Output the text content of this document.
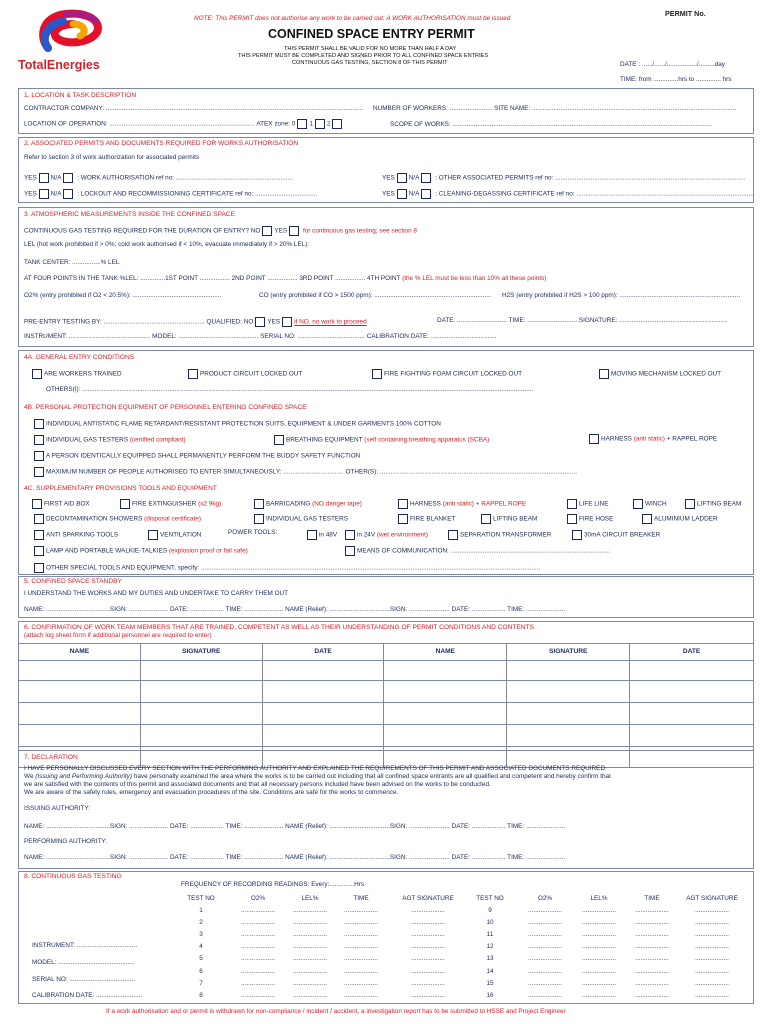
TotalEnergies
NOTE: This PERMIT does not authorise any work to be carried out. A WORK AUTHORISATION must be issued
PERMIT No.
CONFINED SPACE ENTRY PERMIT
THIS PERMIT SHALL BE VALID FOR NO MORE THAN HALF A DAY
THIS PERMIT MUST BE COMPLETED AND SIGNED PRIOR TO ALL CONFINED SPACE ENTRIES
CONTINUOUS GAS TESTING, SECTION 8 OF THIS PERMIT	DATE : ....../....../................./.........day
TIME: from ..............hrs to .............. hrs
1. LOCATION & TASK DESCRIPTION
CONTRACTOR COMPANY: ................................................................................................................................................. NUMBER OF WORKERS: ........................ SITE NAME: ...................................................................................................................
LOCATION OF OPERATION: .................................................................................. ATEX zone: 0 1 2	SCOPE OF WORKS: ..................................................................................................................................................
2. ASSOCIATED PERMITS AND DOCUMENTS REQUIRED FOR WORKS AUTHORISATION
Refer to section 3 of work authorization for associated permits
YES N/A : WORK AUTHORISATION ref no: ..................................................................	YES N/A : OTHER ASSOCIATED PERMITS ref no: ...........................................................................................................
YES N/A : LOCKOUT AND RECOMMISSIONING CERTIFICATE ref no: ...................................	YES N/A : CLEANING-DEGASSING CERTIFICATE ref no: ....................................................................................................
3. ATMOSPHERIC MEASUREMENTS INSIDE THE CONFINED SPACE
CONTINUOUS GAS TESTING REQUIRED FOR THE DURATION OF ENTRY? NO YES for continuous gas testing; see section 8
LEL (hot work prohibited if > 0%; cold work authorised if < 10%, evacuate immediately if > 20% LEL):
TANK CENTER: ................% LEL
AT FOUR POINTS IN THE TANK %LEL: ..............1ST POINT ................. 2ND POINT ................. 3RD POINT ................. 4TH POINT (the % LEL must be less than 10% all these points)
O2% (entry prohibited if O2 < 20.5%): ..................................................	CO (entry prohibited if CO > 1500 ppm): .................................................................. H2S (entry prohibited if H2S > 100 ppm): ....................................................................
PRE-ENTRY TESTING BY: ......................................................... QUALIFIED: NO YES if NO, no work to proceed	DATE: ............................ TIME: ............................ SIGNATURE: .............................................................
INSTRUMENT: .............................................. MODEL: ............................................. SERIAL NO: ...................................... CALIBRATION DATE: .....................................
4A. GENERAL ENTRY CONDITIONS
ARE WORKERS TRAINED	PRODUCT CIRCUIT LOCKED OUT	FIRE FIGHTING FOAM CIRCUIT LOCKED OUT	MOVING MECHANISM LOCKED OUT
OTHERS(I): ..............................................................................................................................................................................................................................................................
4B. PERSONAL PROTECTION EQUIPMENT OF PERSONNEL ENTERING CONFINED SPACE
INDIVIDUAL ANTISTATIC FLAME RETARDANT/RESISTANT PROTECTION SUITS, EQUIPMENT & UNDER GARMENTS 100% COTTON
INDIVIDUAL GAS TESTERS (certified compliant)	BREATHING EQUIPMENT (self containing breathing apparatus (SCBA)	HARNESS (anti static) + RAPPEL ROPE
A PERSON IDENTICALLY EQUIPPED SHALL PERMANENTLY PERFORM THE BUDDY SAFETY FUNCTION
MAXIMUM NUMBER OF PEOPLE AUTHORISED TO ENTER SIMULTANEOUSLY: .................................. OTHER(S): ...............................................................................................................
4C. SUPPLEMENTARY PROVISIONS TOOLS AND EQUIPMENT
FIRST AID BOX	FIRE EXTINGUISHER (x2 9kg)	BARRICADING (NO danger tape)	HARNESS (anti static) + RAPPEL ROPE	LIFE LINE	WINCH	LIFTING BEAM
DECONTAMINATION SHOWERS (disposal certificate)	INDIVIDUAL GAS TESTERS	FIRE BLANKET	LIFTING BEAM	FIRE HOSE	ALUMINIUM LADDER
ANTI SPARKING TOOLS	VENTILATION	POWER TOOLS:	in 48V	in 24V (wet environment)	SEPARATION TRANSFORMER	30mA CIRCUIT BREAKER
LAMP AND PORTABLE WALKIE-TALKIES (explosion proof or fail safe)	MEANS OF COMMUNICATION: ..........................................................................................
OTHER SPECIAL TOOLS AND EQUIPMENT, specify: ...............................................................................................................................................................................................
5. CONFINED SPACE STANDBY
I UNDERSTAND THE WORKS AND MY DUTIES AND UNDERTAKE TO CARRY THEM OUT
NAME: ....................................SIGN: ...................... DATE: ................... TIME: ...................... NAME (Relief): ..................................SIGN: ....................... DATE: ................... TIME: ......................
6. CONFIRMATION OF WORK TEAM MEMBERS THAT ARE TRAINED, COMPETENT AS WELL AS THEIR UNDERSTANDING OF PERMIT CONDITIONS AND CONTENTS
(attach log sheet form if additional personnel are required to enter)
NAME	SIGNATURE	DATE	NAME	SIGNATURE	DATE

7. DECLARATION
I HAVE PERSONALLY DISCUSSED EVERY SECTION WITH THE PERFORMING AUTHORITY AND EXPLAINED THE REQUIREMENTS OF THIS PERMIT AND ASSOCIATED DOCUMENTS REQUIRED.
We (Issuing and Performing Authority) have personally examined the area where the works is to be carried out including that all confined space entrants are all qualified and competent and hereby confirm that
we are satisfied with the contents of this permit and associated documents and that all necessary persons included have been advised on the works to be conducted.
We are aware of the safety rules, emergency and evacuation procedures of the site. Conditions are safe for the works to commence.
ISSUING AUTHORITY:
NAME: ....................................SIGN: ...................... DATE: ................... TIME: ...................... NAME (Relief): ..................................SIGN: ....................... DATE: ................... TIME: ......................
PERFORMING AUTHORITY:
NAME: ....................................SIGN: ...................... DATE: ................... TIME: ...................... NAME (Relief): ..................................SIGN: ....................... DATE: ................... TIME: ......................
8. CONTINUOUS GAS TESTING
FREQUENCY OF RECORDING READINGS: Every:..............Hrs
TEST NO	O2%	LEL%	TIME	AGT SIGNATURE
1	...................	...................	...................	...................
2	...................	...................	...................	...................
3	...................	...................	...................	...................
4	...................	...................	...................	...................
5	...................	...................	...................	...................
6	...................	...................	...................	...................
7	...................	...................	...................	...................
8	...................	...................	...................	...................
TEST NO	O2%	LEL%	TIME	AGT SIGNATURE
9	...................	...................	...................	...................
10	...................	...................	...................	...................
11	...................	...................	...................	...................
12	...................	...................	...................	...................
13	...................	...................	...................	...................
14	...................	...................	...................	...................
15	...................	...................	...................	...................
16	...................	...................	...................	...................
INSTRUMENT: ..................................
MODEL: ...........................................
SERIAL NO: .....................................
CALIBRATION DATE: ..........................
If a work authorisation and or permit is withdrawn for non-compliance / incident / accident, a investigation report has to be submitted to HSSE and Project Engineer
